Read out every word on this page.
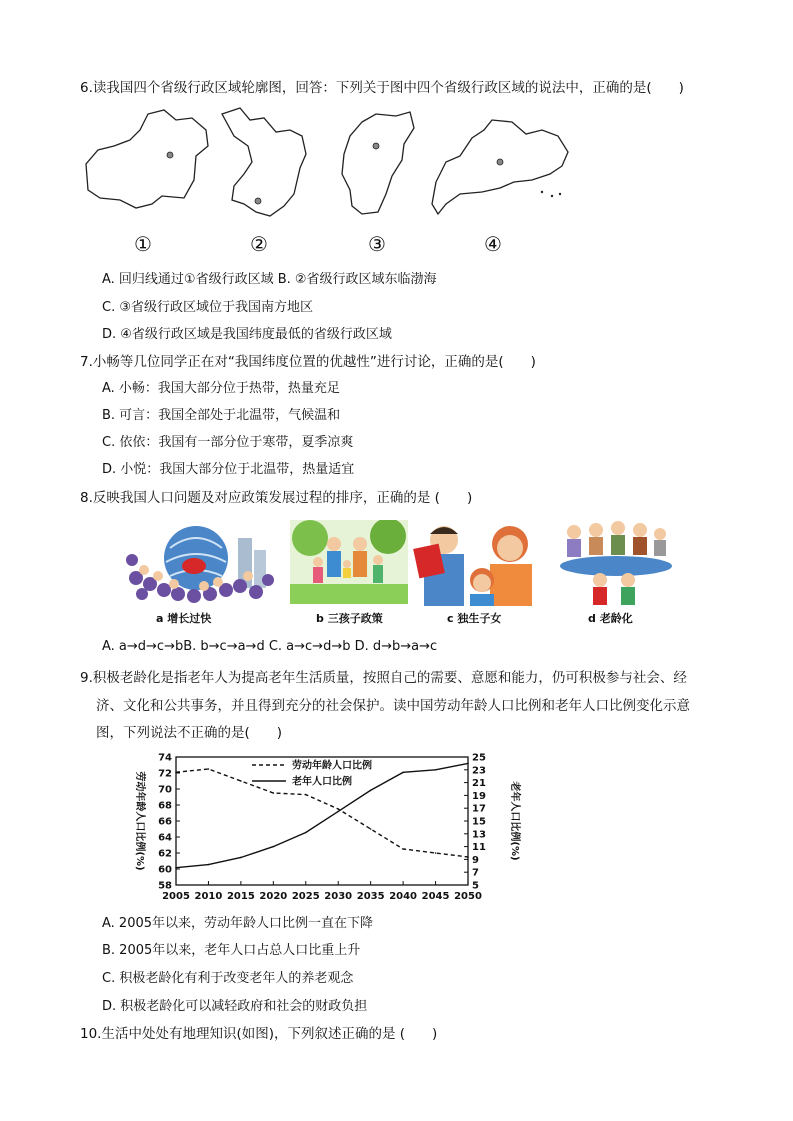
6.读我国四个省级行政区域轮廓图，回答：下列关于图中四个省级行政区域的说法中，正确的是(　　)
①	②	③	④
A. 回归线通过①省级行政区域 B. ②省级行政区域东临渤海
C. ③省级行政区域位于我国南方地区
D. ④省级行政区域是我国纬度最低的省级行政区域
7.小畅等几位同学正在对“我国纬度位置的优越性”进行讨论，正确的是(　　)
A. 小畅：我国大部分位于热带，热量充足
B. 可言：我国全部处于北温带，气候温和
C. 依依：我国有一部分位于寒带，夏季凉爽
D. 小悦：我国大部分位于北温带，热量适宜
8.反映我国人口问题及对应政策发展过程的排序，正确的是 (　　)
a 增长过快	b 三孩子政策	c 独生子女	d 老龄化
A. a→d→c→bB. b→c→a→d C. a→c→d→b D. d→b→a→c
9.积极老龄化是指老年人为提高老年生活质量，按照自己的需要、意愿和能力，仍可积极参与社会、经
济、文化和公共事务，并且得到充分的社会保护。读中国劳动年龄人口比例和老年人口比例变化示意
图，下列说法不正确的是(　　)
劳动年龄人口比例(%)	老年人口比例(%)
74
72
70
68
66
64
62
60
58
25
23
21
19
17
15
13
11
9
7
5
2005 2010 2015 2020 2025 2030 2035 2040 2045 2050
劳动年龄人口比例
老年人口比例
A. 2005年以来，劳动年龄人口比例一直在下降
B. 2005年以来，老年人口占总人口比重上升
C. 积极老龄化有利于改变老年人的养老观念
D. 积极老龄化可以减轻政府和社会的财政负担
10.生活中处处有地理知识(如图)，下列叙述正确的是 (　　)
